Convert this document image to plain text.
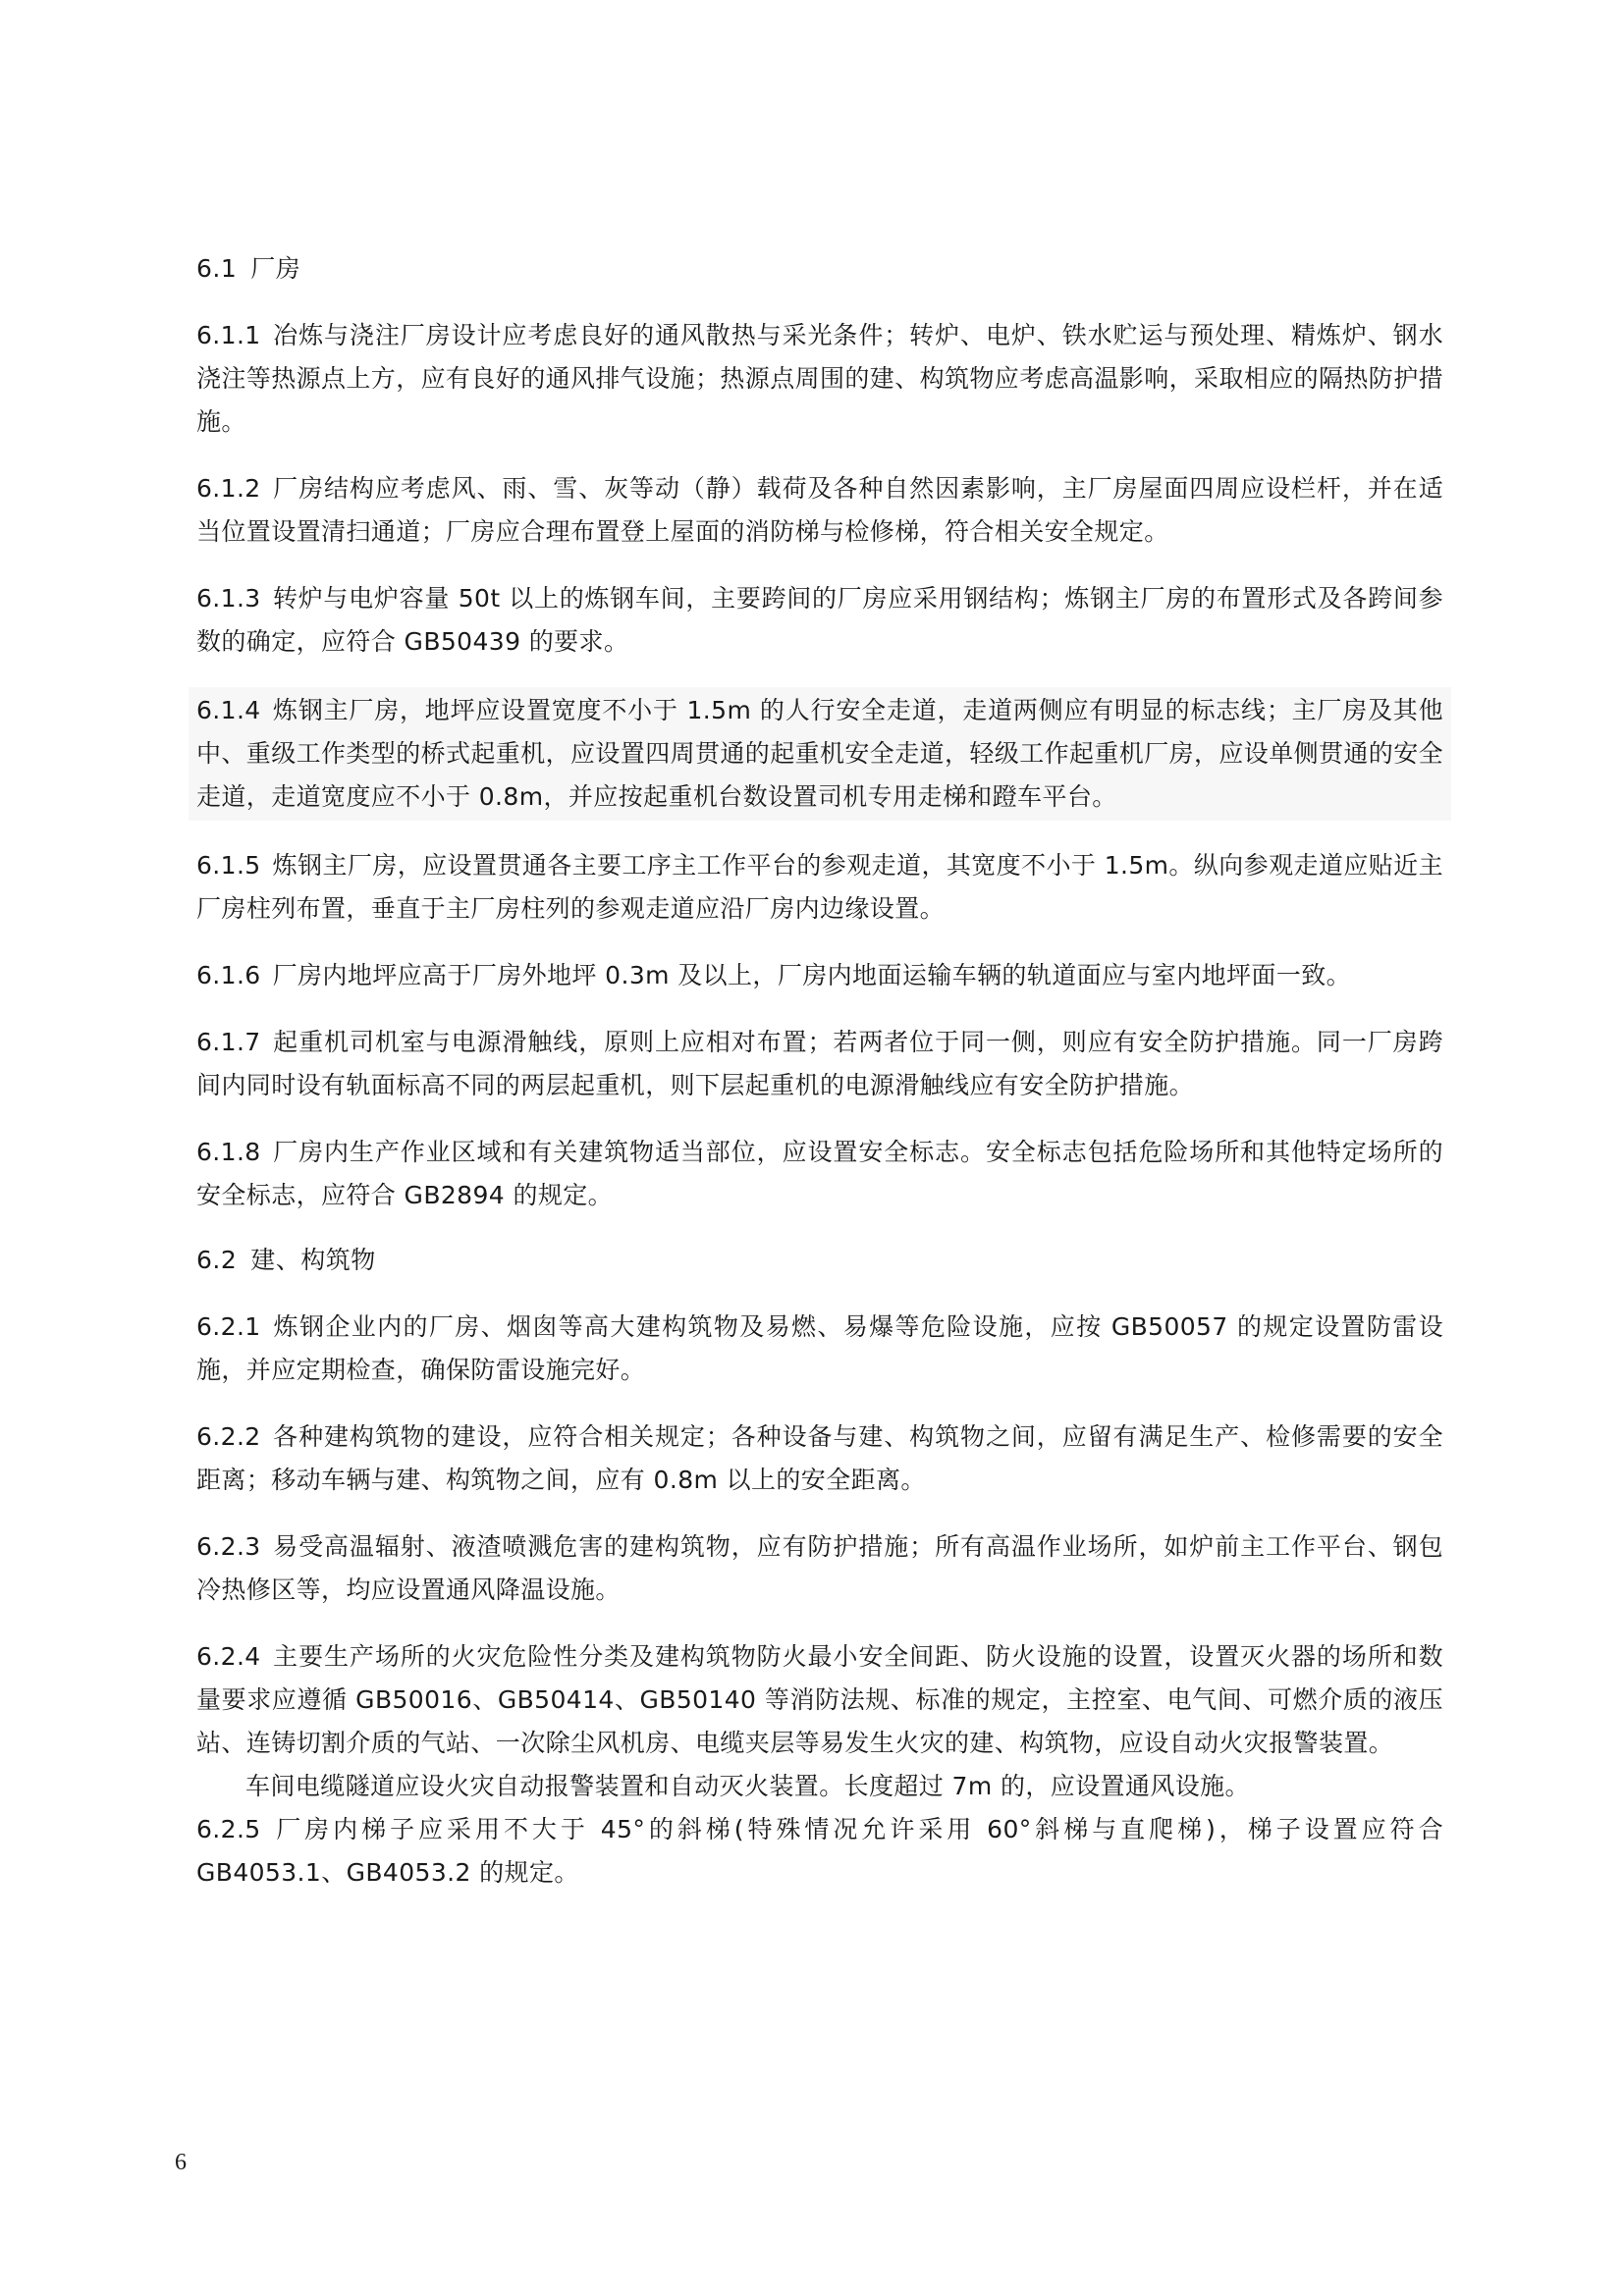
6.1 厂房
6.1.1 冶炼与浇注厂房设计应考虑良好的通风散热与采光条件；转炉、电炉、铁水贮运与预处理、精炼炉、钢水浇注等热源点上方，应有良好的通风排气设施；热源点周围的建、构筑物应考虑高温影响，采取相应的隔热防护措施。
6.1.2 厂房结构应考虑风、雨、雪、灰等动（静）载荷及各种自然因素影响，主厂房屋面四周应设栏杆，并在适当位置设置清扫通道；厂房应合理布置登上屋面的消防梯与检修梯，符合相关安全规定。
6.1.3 转炉与电炉容量 50t 以上的炼钢车间，主要跨间的厂房应采用钢结构；炼钢主厂房的布置形式及各跨间参数的确定，应符合 GB50439 的要求。
6.1.4 炼钢主厂房，地坪应设置宽度不小于 1.5m 的人行安全走道，走道两侧应有明显的标志线；主厂房及其他中、重级工作类型的桥式起重机，应设置四周贯通的起重机安全走道，轻级工作起重机厂房，应设单侧贯通的安全走道，走道宽度应不小于 0.8m，并应按起重机台数设置司机专用走梯和蹬车平台。
6.1.5 炼钢主厂房，应设置贯通各主要工序主工作平台的参观走道，其宽度不小于 1.5m。纵向参观走道应贴近主厂房柱列布置，垂直于主厂房柱列的参观走道应沿厂房内边缘设置。
6.1.6 厂房内地坪应高于厂房外地坪 0.3m 及以上，厂房内地面运输车辆的轨道面应与室内地坪面一致。
6.1.7 起重机司机室与电源滑触线，原则上应相对布置；若两者位于同一侧，则应有安全防护措施。同一厂房跨间内同时设有轨面标高不同的两层起重机，则下层起重机的电源滑触线应有安全防护措施。
6.1.8 厂房内生产作业区域和有关建筑物适当部位，应设置安全标志。安全标志包括危险场所和其他特定场所的安全标志，应符合 GB2894 的规定。
6.2 建、构筑物
6.2.1 炼钢企业内的厂房、烟囱等高大建构筑物及易燃、易爆等危险设施，应按 GB50057 的规定设置防雷设施，并应定期检查，确保防雷设施完好。
6.2.2 各种建构筑物的建设，应符合相关规定；各种设备与建、构筑物之间，应留有满足生产、检修需要的安全距离；移动车辆与建、构筑物之间，应有 0.8m 以上的安全距离。
6.2.3 易受高温辐射、液渣喷溅危害的建构筑物，应有防护措施；所有高温作业场所，如炉前主工作平台、钢包冷热修区等，均应设置通风降温设施。
6.2.4 主要生产场所的火灾危险性分类及建构筑物防火最小安全间距、防火设施的设置，设置灭火器的场所和数量要求应遵循 GB50016、GB50414、GB50140 等消防法规、标准的规定，主控室、电气间、可燃介质的液压站、连铸切割介质的气站、一次除尘风机房、电缆夹层等易发生火灾的建、构筑物，应设自动火灾报警装置。
车间电缆隧道应设火灾自动报警装置和自动灭火装置。长度超过 7m 的，应设置通风设施。
6.2.5 厂房内梯子应采用不大于 45°的斜梯(特殊情况允许采用 60°斜梯与直爬梯)，梯子设置应符合 GB4053.1、GB4053.2 的规定。
6
